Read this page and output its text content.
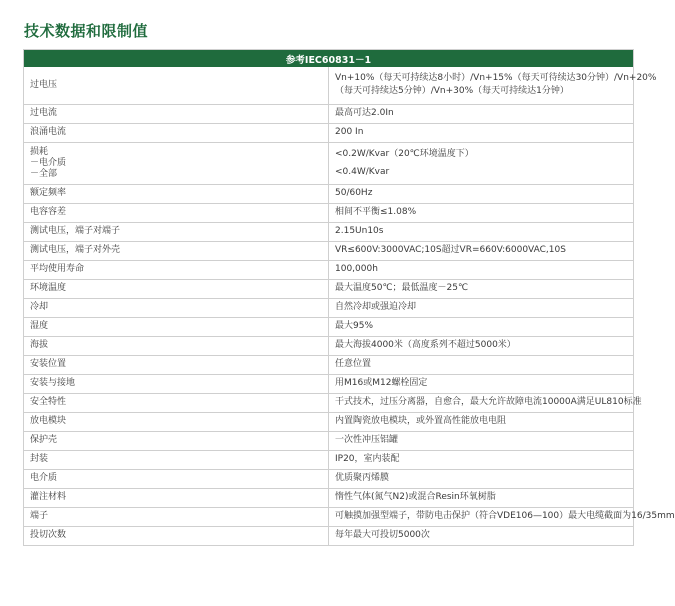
技术数据和限制值
参考IEC60831－1	
过电压	Vn+10%（每天可持续达8小时）/Vn+15%（每天可待续达30分钟）/Vn+20%
（每天可持续达5分钟）/Vn+30%（每天可持续达1分钟）

过电流	最高可达2.0In

浪涌电流	200 In

损耗
－电介质
－全部	<0.2W/Kvar（20℃环境温度下）
<0.4W/Kvar

额定频率	50/60Hz

电容容差	相间不平衡≤1.08%

测试电压，端子对端子	2.15Un10s

测试电压，端子对外壳	VR≤600V:3000VAC;10S超过VR=660V:6000VAC,10S

平均使用寿命	100,000h

环境温度	最大温度50℃；最低温度－25℃

冷却	自然冷却或强迫冷却

湿度	最大95%

海拔	最大海拔4000米（高度系列不超过5000米）

安装位置	任意位置

安装与接地	用M16或M12螺栓固定

安全特性	干式技术，过压分离器，自愈合，最大允许故障电流10000A满足UL810标准

放电模块	内置陶瓷放电模块，或外置高性能放电电阻

保护壳	一次性冲压铝罐

封装	IP20，室内装配

电介质	优质聚丙烯膜

灌注材料	惰性气体(氮气N2)或混合Resin环氧树脂

端子	可触摸加强型端子，带防电击保护（符合VDE106—100）最大电缆截面为16/35mm

投切次数	每年最大可投切5000次
